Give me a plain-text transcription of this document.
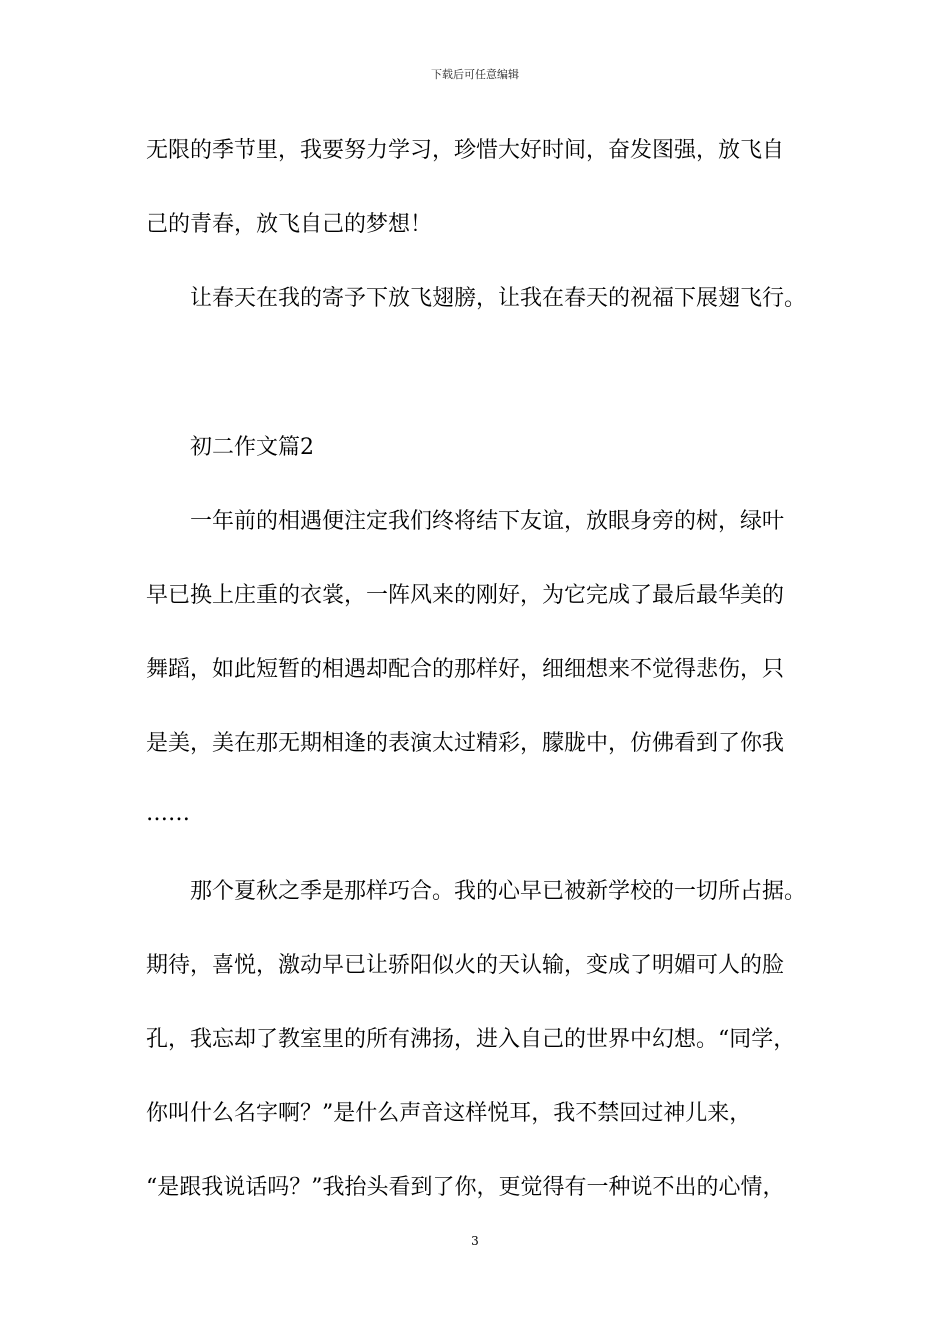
下载后可任意编辑
无限的季节里，我要努力学习，珍惜大好时间，奋发图强，放飞自
己的青春，放飞自己的梦想！
让春天在我的寄予下放飞翅膀，让我在春天的祝福下展翅飞行。
初二作文篇2
一年前的相遇便注定我们终将结下友谊，放眼身旁的树，绿叶
早已换上庄重的衣裳，一阵风来的刚好，为它完成了最后最华美的
舞蹈，如此短暂的相遇却配合的那样好，细细想来不觉得悲伤，只
是美，美在那无期相逢的表演太过精彩，朦胧中，仿佛看到了你我
……
那个夏秋之季是那样巧合。我的心早已被新学校的一切所占据。
期待，喜悦，激动早已让骄阳似火的天认输，变成了明媚可人的脸
孔，我忘却了教室里的所有沸扬，进入自己的世界中幻想。“同学，
你叫什么名字啊？”是什么声音这样悦耳，我不禁回过神儿来，
“是跟我说话吗？”我抬头看到了你，更觉得有一种说不出的心情，
3
